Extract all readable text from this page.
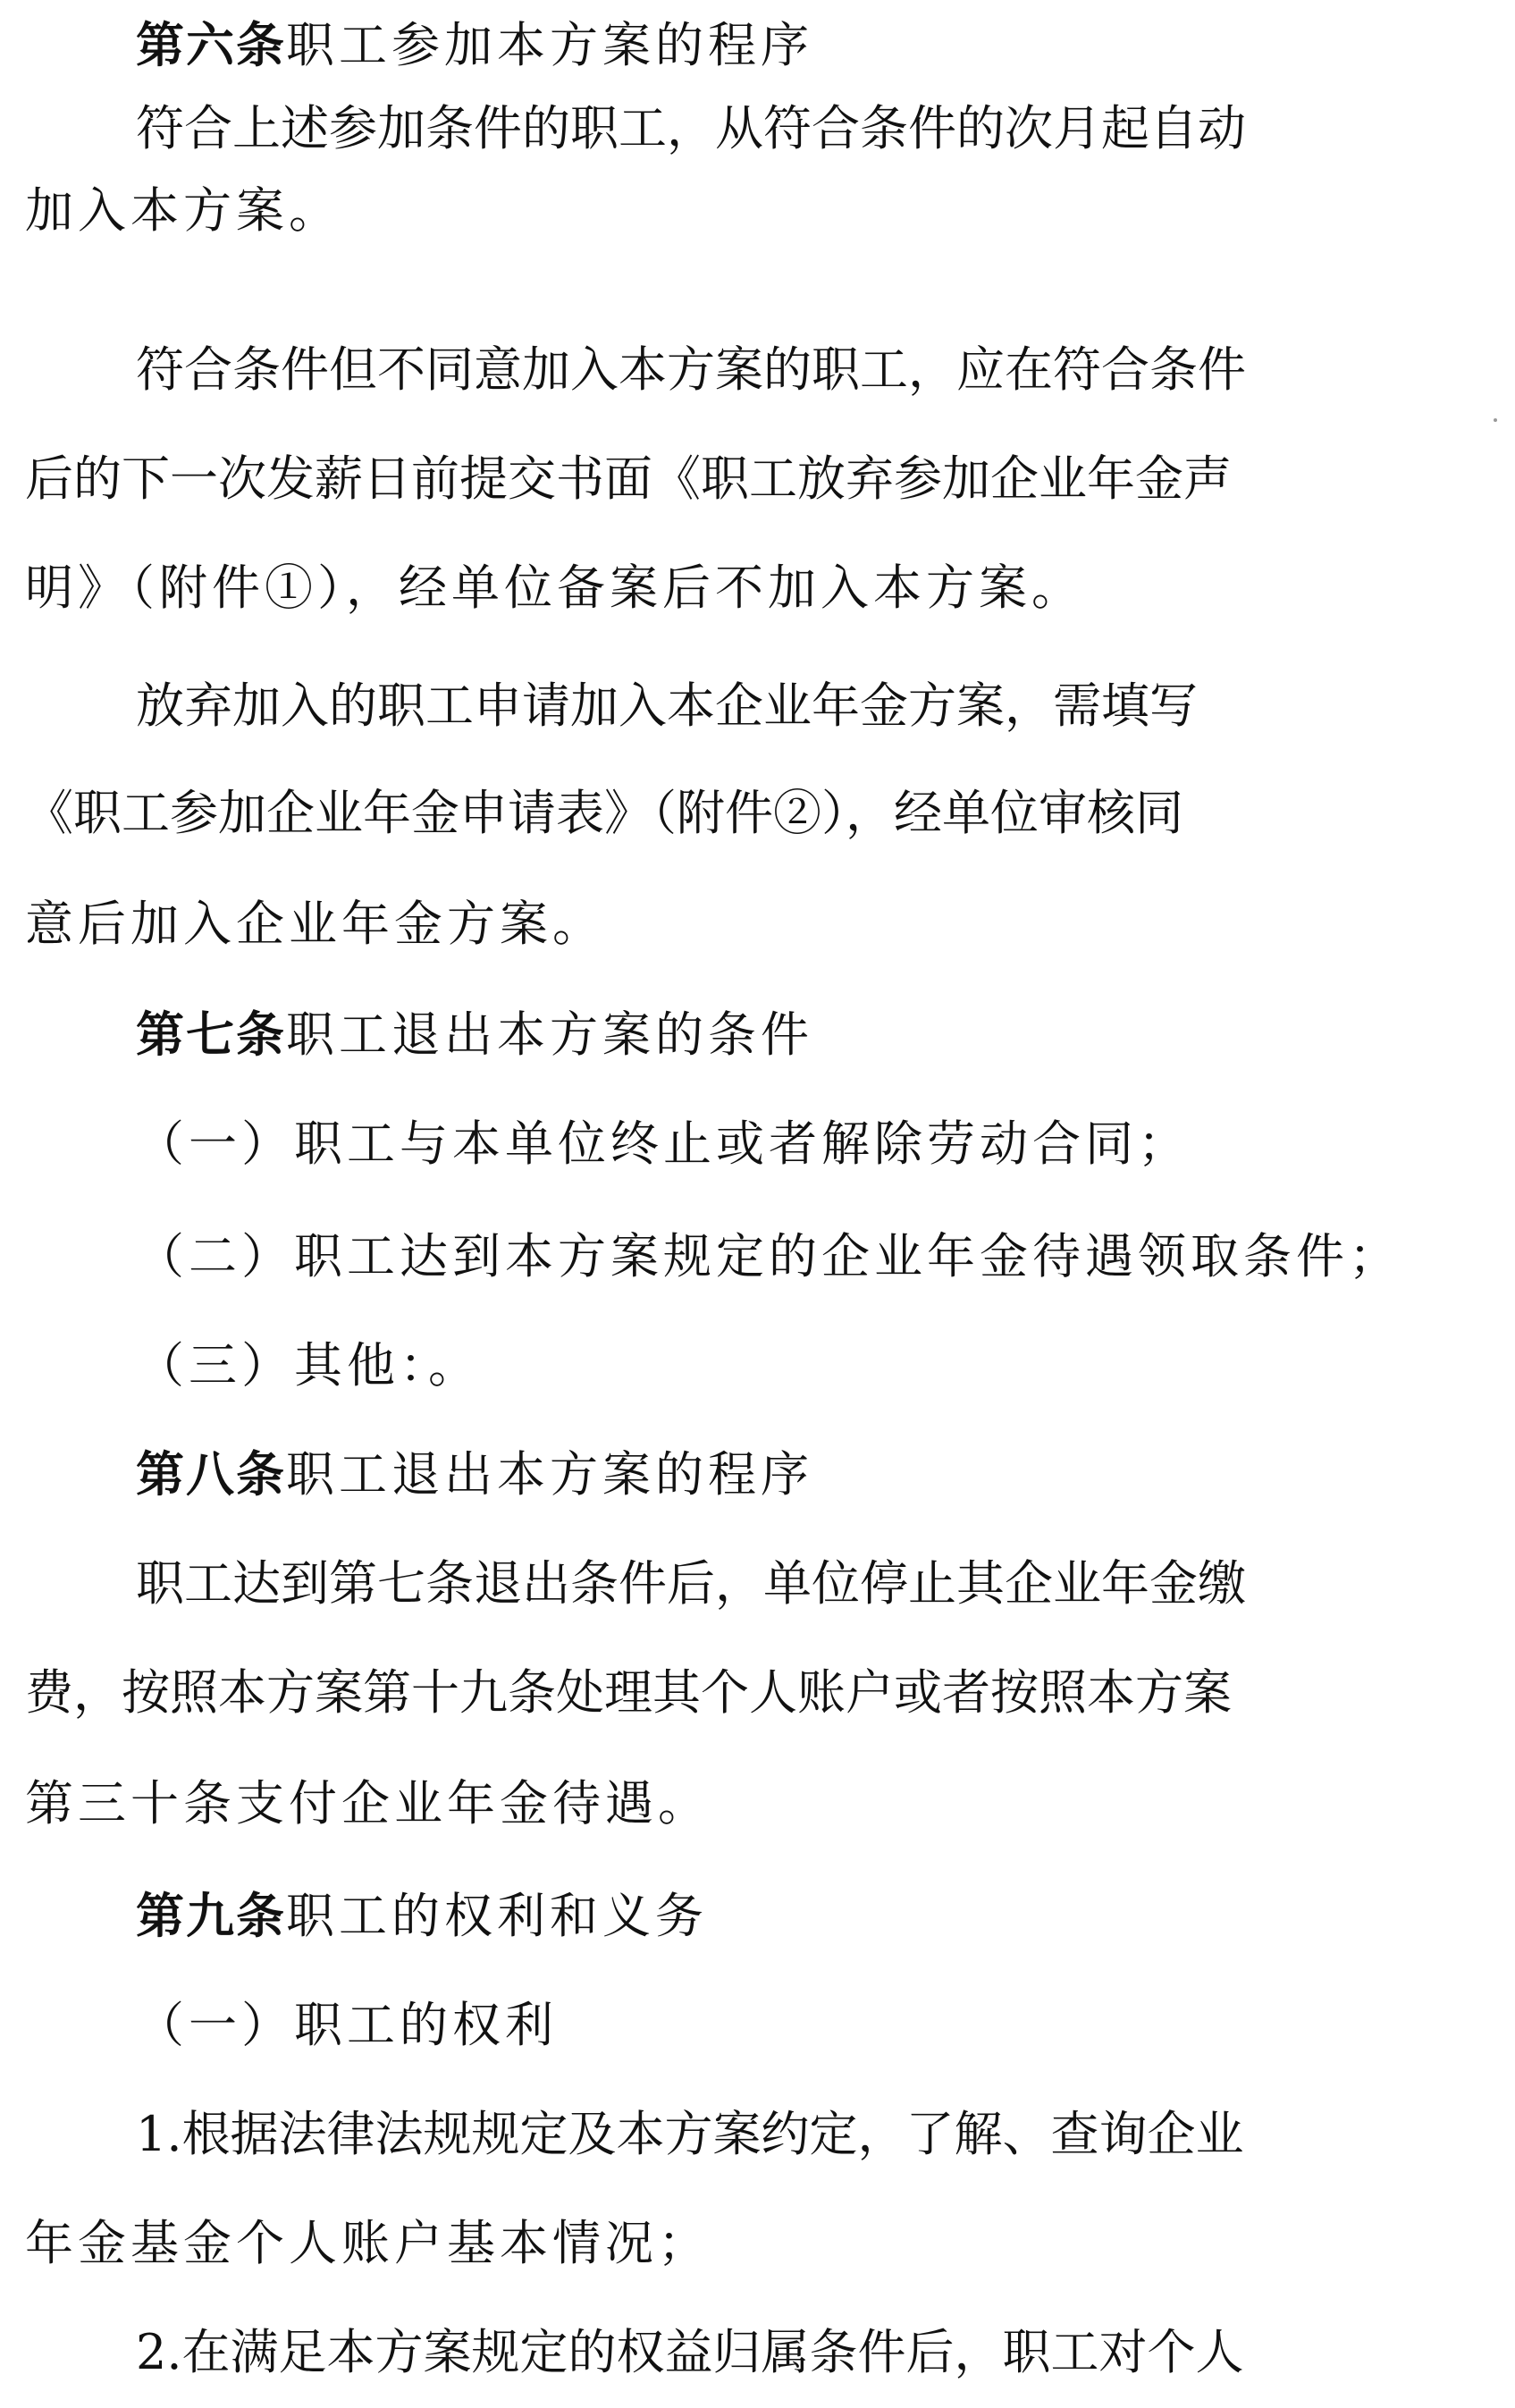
第六条职工参加本方案的程序
符合上述参加条件的职工，从符合条件的次月起自动
加入本方案。
符合条件但不同意加入本方案的职工，应在符合条件
后的下一次发薪日前提交书面《职工放弃参加企业年金声
明》（附件①），经单位备案后不加入本方案。
放弃加入的职工申请加入本企业年金方案，需填写
《职工参加企业年金申请表》（附件②），经单位审核同
意后加入企业年金方案。
第七条职工退出本方案的条件
（一）职工与本单位终止或者解除劳动合同；
（二）职工达到本方案规定的企业年金待遇领取条件；
（三）其他：。
第八条职工退出本方案的程序
职工达到第七条退出条件后，单位停止其企业年金缴
费，按照本方案第十九条处理其个人账户或者按照本方案
第三十条支付企业年金待遇。
第九条职工的权利和义务
（一）职工的权利
1.根据法律法规规定及本方案约定，了解、查询企业
年金基金个人账户基本情况；
2.在满足本方案规定的权益归属条件后，职工对个人
